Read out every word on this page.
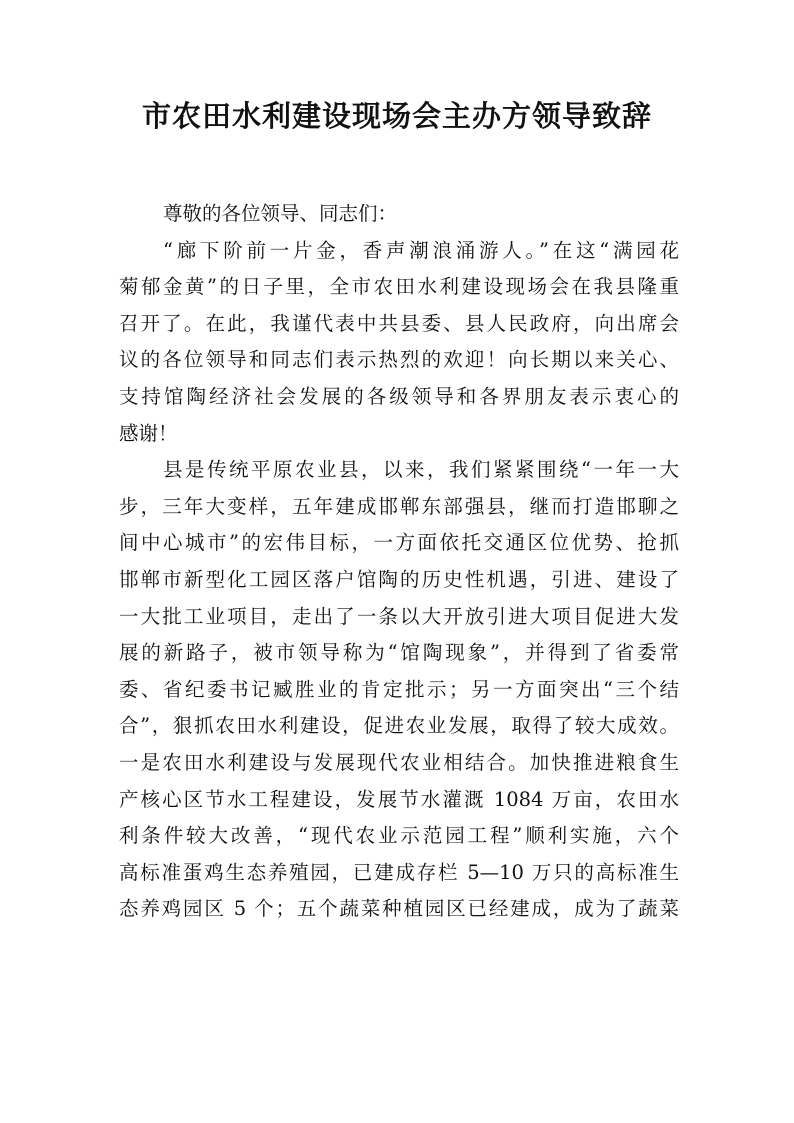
市农田水利建设现场会主办方领导致辞
尊敬的各位领导、同志们：
“廊下阶前一片金，香声潮浪涌游人。”在这“满园花
菊郁金黄”的日子里，全市农田水利建设现场会在我县隆重
召开了。在此，我谨代表中共县委、县人民政府，向出席会
议的各位领导和同志们表示热烈的欢迎！向长期以来关心、
支持馆陶经济社会发展的各级领导和各界朋友表示衷心的
感谢！
县是传统平原农业县，以来，我们紧紧围绕“一年一大
步，三年大变样，五年建成邯郸东部强县，继而打造邯聊之
间中心城市”的宏伟目标，一方面依托交通区位优势、抢抓
邯郸市新型化工园区落户馆陶的历史性机遇，引进、建设了
一大批工业项目，走出了一条以大开放引进大项目促进大发
展的新路子，被市领导称为“馆陶现象”，并得到了省委常
委、省纪委书记臧胜业的肯定批示；另一方面突出“三个结
合”，狠抓农田水利建设，促进农业发展，取得了较大成效。
一是农田水利建设与发展现代农业相结合。加快推进粮食生
产核心区节水工程建设，发展节水灌溉 1084 万亩，农田水
利条件较大改善，“现代农业示范园工程”顺利实施，六个
高标准蛋鸡生态养殖园，已建成存栏 5—10 万只的高标准生
态养鸡园区 5 个；五个蔬菜种植园区已经建成，成为了蔬菜
